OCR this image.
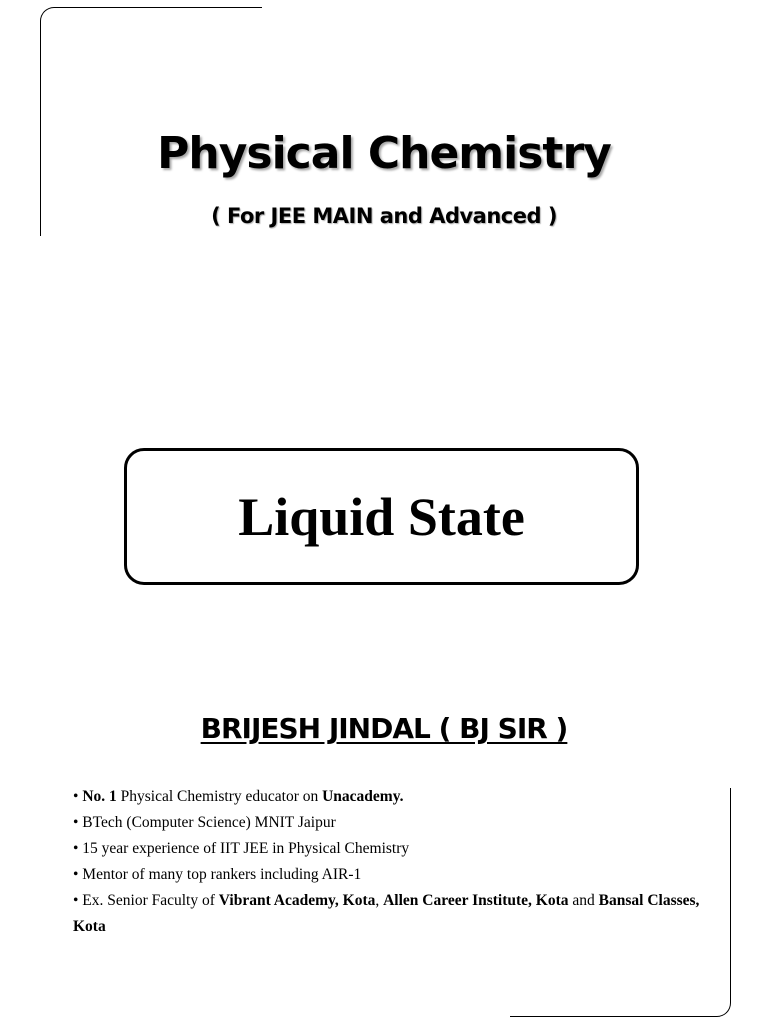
Physical Chemistry
( For JEE MAIN and Advanced )
Liquid State
BRIJESH JINDAL ( BJ SIR )
• No. 1 Physical Chemistry educator on Unacademy.
• BTech (Computer Science) MNIT Jaipur
• 15 year experience of IIT JEE in Physical Chemistry
• Mentor of many top rankers including AIR-1
• Ex. Senior Faculty of Vibrant Academy, Kota, Allen Career Institute, Kota and Bansal Classes, Kota
